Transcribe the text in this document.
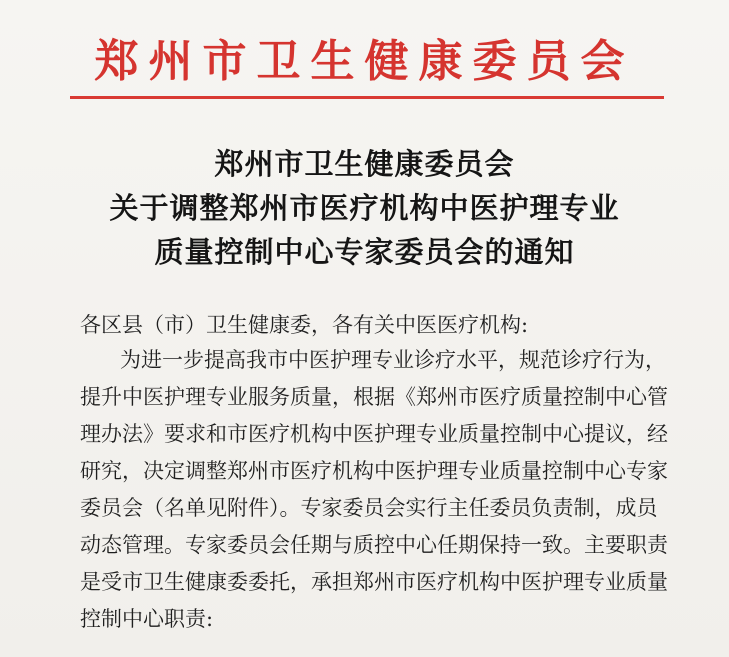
郑州市卫生健康委员会
郑州市卫生健康委员会
关于调整郑州市医疗机构中医护理专业
质量控制中心专家委员会的通知
各区县（市）卫生健康委，各有关中医医疗机构:
为进一步提高我市中医护理专业诊疗水平，规范诊疗行为，
提升中医护理专业服务质量，根据《郑州市医疗质量控制中心管
理办法》要求和市医疗机构中医护理专业质量控制中心提议，经
研究，决定调整郑州市医疗机构中医护理专业质量控制中心专家
委员会（名单见附件）。专家委员会实行主任委员负责制，成员
动态管理。专家委员会任期与质控中心任期保持一致。主要职责
是受市卫生健康委委托，承担郑州市医疗机构中医护理专业质量
控制中心职责:
